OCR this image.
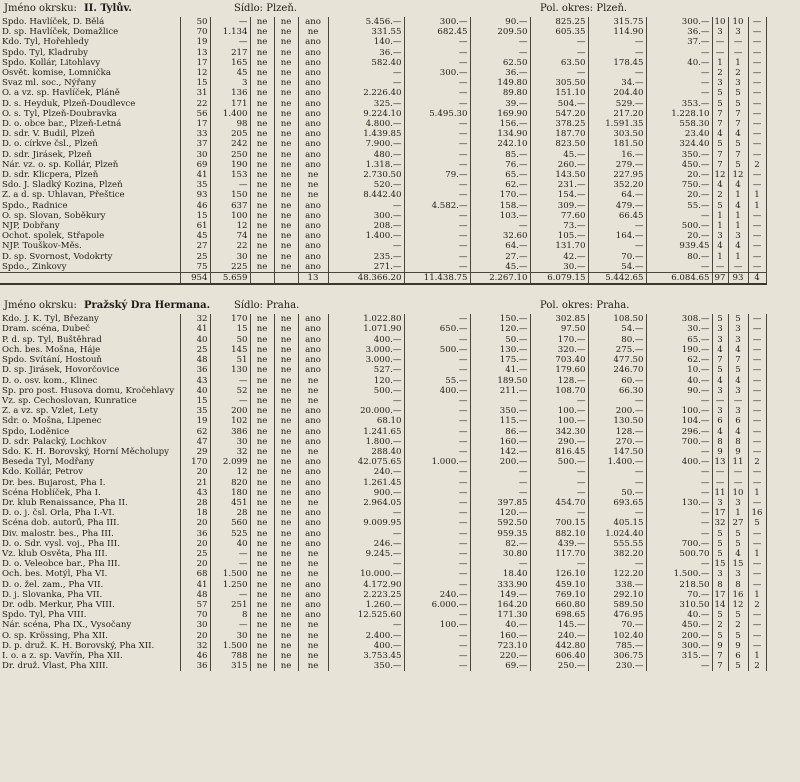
Jméno okrsku: II. Tylův.	Sídlo: Plzeň.	Pol. okres: Plzeň.
Spdo. Havlíček, D. Bělá	50	—	ne	ne	ano	5.456.—	300.—	90.—	825.25	315.75	300.—	10	10	—
D. sp. Havlíček, Domažlice	70	1.134	ne	ne	ne	331.55	682.45	209.50	605.35	114.90	36.—	3	3	—
Kdo. Tyl, Hořehledy	19	—	ne	ne	ano	140.—	—	—	—	—	37.—	—	—	—
Spdo. Tyl, Kladruby	13	217	ne	ne	ano	36.—	—	—	—	—	—	—	—	—
Spdo. Kollár, Litohlavy	17	165	ne	ne	ano	582.40	—	62.50	63.50	178.45	40.—	1	1	—
Osvět. komise, Lomnička	12	45	ne	ne	ano	—	300.—	36.—	—	—	—	2	2	—
Svaz ml. soc., Nýřany	15	3	ne	ne	ano	—	—	149.80	305.50	34.—	—	3	3	—
O. a vz. sp. Havlíček, Pláně	31	136	ne	ne	ano	2.226.40	—	89.80	151.10	204.40	—	5	5	—
D. s. Heyduk, Plzeň-Doudlevce	22	171	ne	ne	ano	325.—	—	39.—	504.—	529.—	353.—	5	5	—
O. s. Tyl, Plzeň-Doubravka	56	1.400	ne	ne	ano	9.224.10	5.495.30	169.90	547.20	217.20	1.228.10	7	7	—
D. o. obce bar., Plzeň-Letná	17	98	ne	ne	ano	4.800.—	—	156.—	378.25	1.591.35	558.30	7	7	—
D. sdr. V. Budil, Plzeň	33	205	ne	ne	ano	1.439.85	—	134.90	187.70	303.50	23.40	4	4	—
D. o. církve čsl., Plzeň	37	242	ne	ne	ano	7.900.—	—	242.10	823.50	181.50	324.40	5	5	—
D. sdr. Jirásek, Plzeň	30	250	ne	ne	ano	480.—	—	85.—	45.—	16.—	350.—	7	7	—
Nár. vz. o. sp. Kollár, Plzeň	69	190	ne	ne	ano	1.318.—	—	76.—	260.—	279.—	450.—	7	5	2
D. sdr. Klicpera, Plzeň	41	153	ne	ne	ne	2.730.50	79.—	65.—	143.50	227.95	20.—	12	12	—
Sdo. J. Sladký Kozina, Plzeň	35	—	ne	ne	ne	520.—	—	62.—	231.—	352.20	750.—	4	4	—
Z. a d. sp. Úhlavan, Přeštice	93	150	ne	ne	ne	8.442.40	—	170.—	154.—	64.—	20.—	2	1	1
Spdo., Radnice	46	637	ne	ne	ano	—	4.582.—	158.—	309.—	479.—	55.—	5	4	1
O. sp. Slovan, Soběkury	15	100	ne	ne	ano	300.—	—	103.—	77.60	66.45	—	1	1	—
NJP, Dobřany	61	12	ne	ne	ano	208.—	—	—	73.—	—	500.—	1	1	—
Ochot. spolek, Střapole	45	74	ne	ne	ano	1.400.—	—	32.60	105.—	164.—	20.—	3	3	—
NJP. Touškov-Měs.	27	22	ne	ne	ano	—	—	64.—	131.70	—	939.45	4	4	—
D. sp. Svornost, Vodokrty	25	30	ne	ne	ano	235.—	—	27.—	42.—	70.—	80.—	1	1	—
Spdo., Žinkovy	75	225	ne	ne	ano	271.—	—	45.—	30.—	54.—	—	—	—	—
	954	5.659			13	48.366.20	11.438.75	2.267.10	6.079.15	5.442.65	6.084.65	97	93	4
Jméno okrsku: Pražský Dra Hermana. Sídlo: Praha.	Pol. okres: Praha.
Kdo. J. K. Tyl, Březany	32	170	ne	ne	ano	1.022.80	—	150.—	302.85	108.50	308.—	5	5	—
Dram. scéna, Dubeč	41	15	ne	ne	ano	1.071.90	650.—	120.—	97.50	54.—	30.—	3	3	—
P. d. sp. Tyl, Buštěhrad	40	50	ne	ne	ano	400.—	—	50.—	170.—	80.—	65.—	3	3	—
Och. bes. Mošna, Háje	25	145	ne	ne	ano	3.000.—	500.—	130.—	320.—	275.—	190.—	4	4	—
Spdo. Svítání, Hostouň	48	51	ne	ne	ano	3.000.—	—	175.—	703.40	477.50	62.—	7	7	—
D. sp. Jirásek, Hovorčovice	36	130	ne	ne	ano	527.—	—	41.—	179.60	246.70	10.—	5	5	—
D. o. osv. kom., Klinec	43	—	ne	ne	ne	120.—	55.—	189.50	128.—	60.—	40.—	4	4	—
Sp. pro post. Husova domu, Kročehlavy	40	52	ne	ne	ne	500.—	400.—	211.—	108.70	66.30	90.—	3	3	—
Vz. sp. Čechoslovan, Kunratice	15	—	ne	ne	ne	—	—	—	—	—	—	—	—	—
Z. a vz. sp. Vzlet, Lety	35	200	ne	ne	ano	20.000.—	—	350.—	100.—	200.—	100.—	3	3	—
Sdr. o. Mošna, Lipenec	19	102	ne	ne	ano	68.10	—	115.—	100.—	130.50	104.—	6	6	—
Spdo, Loděnice	62	386	ne	ne	ano	1.241.65	—	86.—	342.30	128.—	296.—	4	4	—
D. sdr. Palacký, Lochkov	47	30	ne	ne	ano	1.800.—	—	160.—	290.—	270.—	700.—	8	8	—
Sdo. K. H. Borovský, Horní Měcholupy	29	32	ne	ne	ne	288.40	—	142.—	816.45	147.50	—	9	9	—
Beseda Tyl, Modřany	170	2.099	ne	ne	ano	42.075.65	1.000.—	200.—	500.—	1.400.—	400.—	13	11	2
Kdo. Kollár, Petrov	20	12	ne	ne	ano	240.—	—	—	—	—	—	—	—	—
Dr. bes. Bujarost, Pha I.	21	820	ne	ne	ano	1.261.45	—	—	—	—	—	—	—	—
Scéna Hoblíček, Pha I.	43	180	ne	ne	ano	900.—	—	—	—	50.—	—	11	10	1
Dr. klub Renaissance, Pha II.	28	451	ne	ne	ne	2.964.05	—	397.85	454.70	693.65	130.—	3	3	—
D. o. j. čsl. Orla, Pha I.-VI.	18	28	ne	ne	ano	—	—	120.—	—	—	—	17	1	16
Scéna dob. autorů, Pha III.	20	560	ne	ne	ano	9.009.95	—	592.50	700.15	405.15	—	32	27	5
Div. malostr. bes., Pha III.	36	525	ne	ne	ano	—	—	959.35	882.10	1.024.40	—	5	5	—
D. o. Sdr. vysl. voj., Pha III.	20	40	ne	ne	ano	246.—	—	82.—	439.—	555.55	700.—	5	5	—
Vz. klub Osvěta, Pha III.	25	—	ne	ne	ne	9.245.—	—	30.80	117.70	382.20	500.70	5	4	1
D. o. Veleobce bar., Pha III.	20	—	ne	ne	ne	—	—	—	—	—	—	15	15	—
Och. bes. Motýl, Pha VI.	68	1.500	ne	ne	ne	10.000.—	—	18.40	126.10	122.20	1.500.—	3	3	—
D. o. žel. zam., Pha VII.	41	1.250	ne	ne	ano	4.172.90	—	333.90	459.10	338.—	218.50	8	8	—
D. j. Slovanka, Pha VII.	48	—	ne	ne	ano	2.223.25	240.—	149.—	769.10	292.10	70.—	17	16	1
Dr. odb. Merkur, Pha VIII.	57	251	ne	ne	ano	1.260.—	6.000.—	164.20	660.80	589.50	310.50	14	12	2
Spdo. Tyl, Pha VIII.	70	8	ne	ne	ano	12.525.60	—	171.30	698.65	476.95	40.—	5	5	—
Nár. scéna, Pha IX., Vysočany	30	—	ne	ne	ne	—	100.—	40.—	145.—	70.—	450.—	2	2	—
O. sp. Krössing, Pha XII.	20	30	ne	ne	ne	2.400.—	—	160.—	240.—	102.40	200.—	5	5	—
D. p. druž. K. H. Borovský, Pha XII.	32	1.500	ne	ne	ne	400.—	—	723.10	442.80	785.—	300.—	9	9	—
I. o. a z. sp. Vavřín, Pha XII.	46	788	ne	ne	ne	3.753.45	—	220.—	606.40	306.75	315.—	7	6	1
Dr. druž. Vlast, Pha XIII.	36	315	ne	ne	ne	350.—	—	69.—	250.—	230.—	—	7	5	2
